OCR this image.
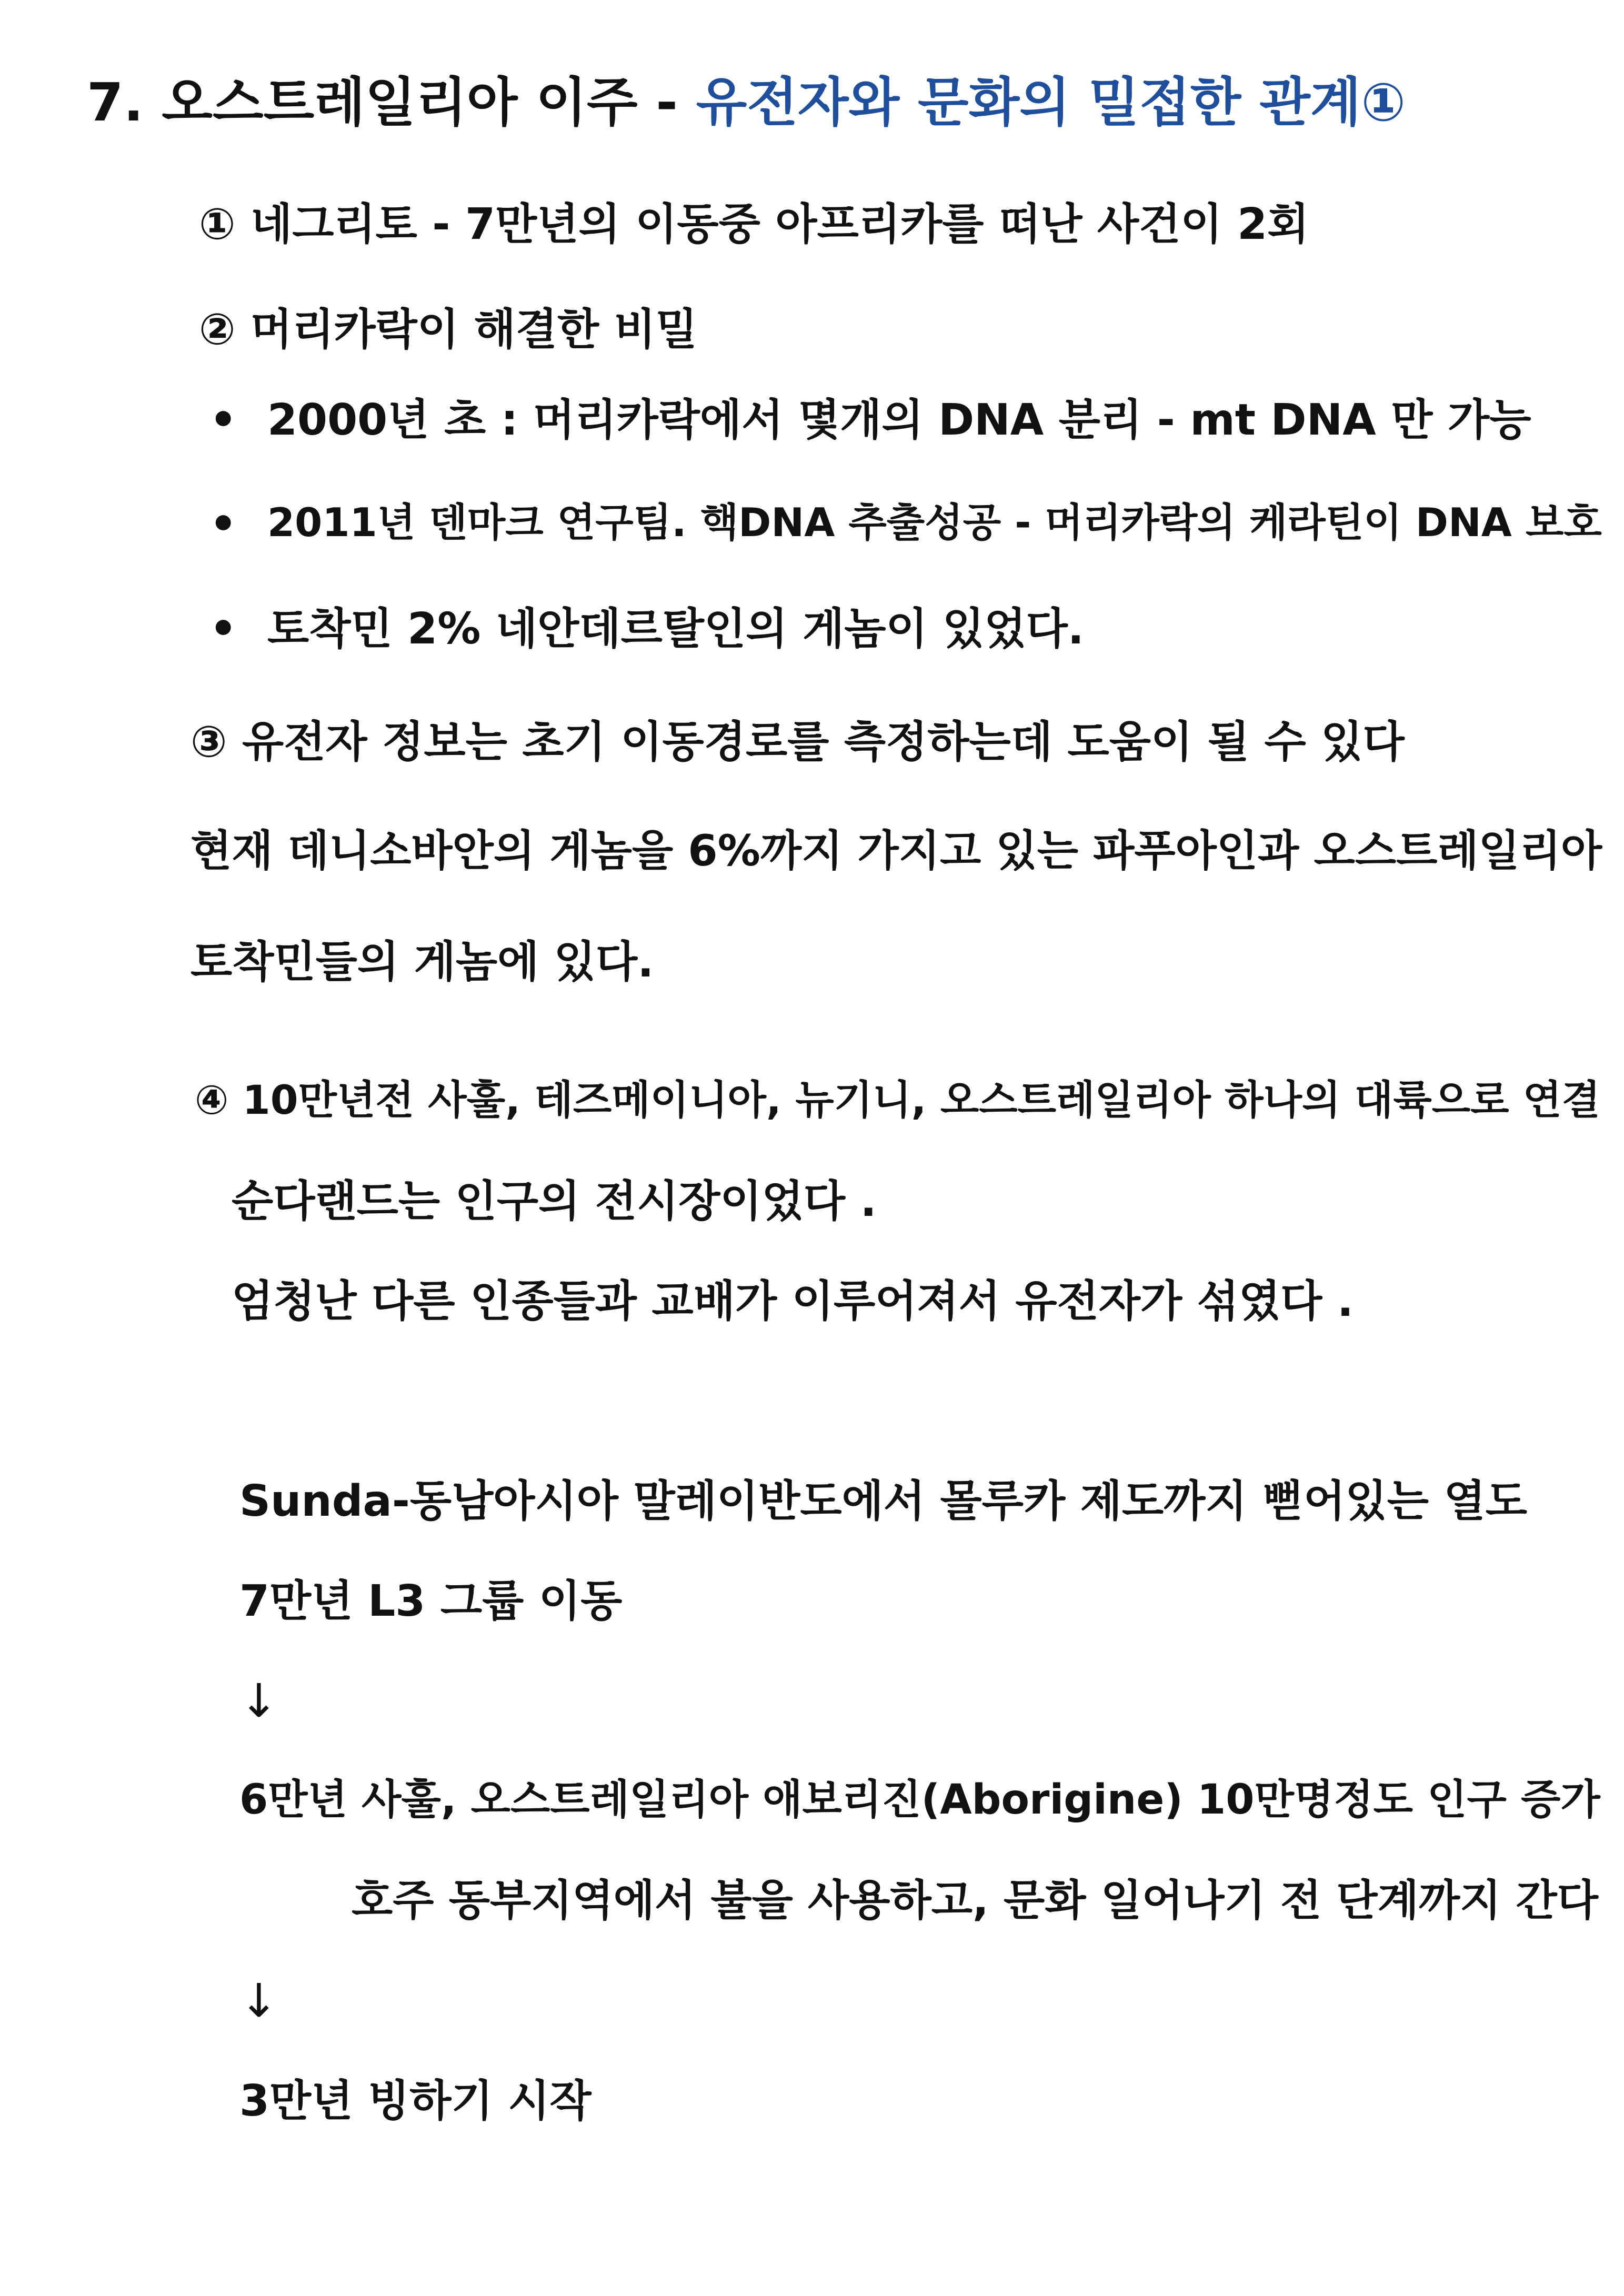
7. 오스트레일리아 이주 - 유전자와 문화의 밀접한 관계①
① 네그리토 - 7만년의 이동중 아프리카를 떠난 사건이 2회
② 머리카락이 해결한 비밀
• 2000년 초 : 머리카락에서 몇개의 DNA 분리 - mt DNA 만 가능
• 2011년 덴마크 연구팀. 핵DNA 추출성공 - 머리카락의 케라틴이 DNA 보호
• 토착민 2% 네안데르탈인의 게놈이 있었다.
③ 유전자 정보는 초기 이동경로를 측정하는데 도움이 될 수 있다
현재 데니소바안의 게놈을 6%까지 가지고 있는 파푸아인과 오스트레일리아
토착민들의 게놈에 있다.
④ 10만년전 사훌, 테즈메이니아, 뉴기니, 오스트레일리아 하나의 대륙으로 연결
순다랜드는 인구의 전시장이었다 .
엄청난 다른 인종들과 교배가 이루어져서 유전자가 섞였다 .
Sunda-동남아시아 말레이반도에서 몰루카 제도까지 뻗어있는 열도
7만년 L3 그룹 이동
↓
6만년 사훌, 오스트레일리아 애보리진(Aborigine) 10만명정도 인구 증가
호주 동부지역에서 불을 사용하고, 문화 일어나기 전 단계까지 간다
↓
3만년 빙하기 시작
